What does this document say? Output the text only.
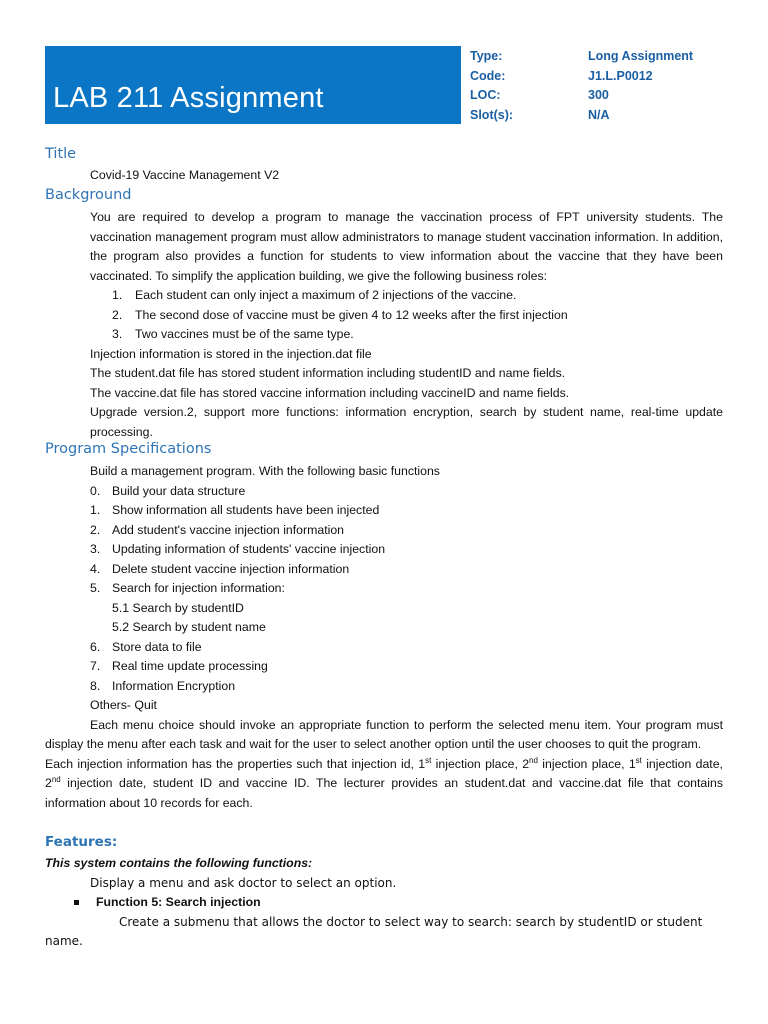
LAB 211 Assignment
Type:	Long Assignment
Code:	J1.L.P0012
LOC:	300
Slot(s):	N/A
Title

Covid-19 Vaccine Management V2

Background

You are required to develop a program to manage the vaccination process of FPT university students. The vaccination management program must allow administrators to manage student vaccination information. In addition, the program also provides a function for students to view information about the vaccine that they have been vaccinated. To simplify the application building, we give the following business roles:

1. Each student can only inject a maximum of 2 injections of the vaccine.
2. The second dose of vaccine must be given 4 to 12 weeks after the first injection
3. Two vaccines must be of the same type.

Injection information is stored in the injection.dat file

The student.dat file has stored student information including studentID and name fields.

The vaccine.dat file has stored vaccine information including vaccineID and name fields.

Upgrade version.2, support more functions: information encryption, search by student name, real-time update processing.

Program Specifications

Build a management program. With the following basic functions

0. Build your data structure
1. Show information all students have been injected
2. Add student's vaccine injection information
3. Updating information of students' vaccine injection
4. Delete student vaccine injection information
5. Search for injection information:

5.1 Search by studentID

5.2 Search by student name

6. Store data to file
7. Real time update processing
8. Information Encryption

Others- Quit

Each menu choice should invoke an appropriate function to perform the selected menu item. Your program must display the menu after each task and wait for the user to select another option until the user chooses to quit the program.

Each injection information has the properties such that injection id, 1st injection place, 2nd injection place, 1st injection date, 2nd injection date, student ID and vaccine ID. The lecturer provides an student.dat and vaccine.dat file that contains information about 10 records for each.

Features:

This system contains the following functions:

Display a menu and ask doctor to select an option.

Function 5: Search injection

Create a submenu that allows the doctor to select way to search: search by studentID or student name.
